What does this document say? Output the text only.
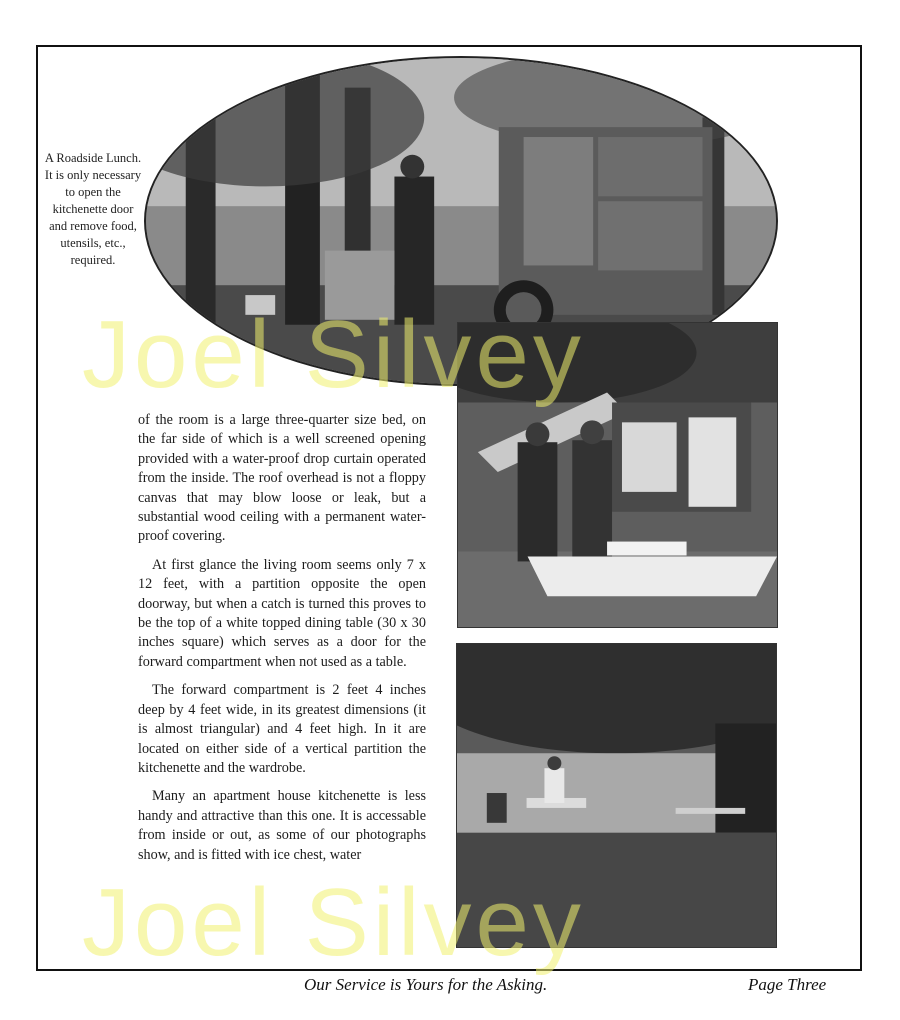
A Roadside Lunch.
It is only necessary to open the kitchenette door and remove food, utensils, etc., required.

of the room is a large three-quarter size bed, on the far side of which is a well screened opening provided with a water-proof drop curtain operated from the inside. The roof overhead is not a floppy canvas that may blow loose or leak, but a substantial wood ceiling with a permanent water-proof covering.

At first glance the living room seems only 7 x 12 feet, with a partition opposite the open doorway, but when a catch is turned this proves to be the top of a white topped dining table (30 x 30 inches square) which serves as a door for the forward compartment when not used as a table.

The forward compartment is 2 feet 4 inches deep by 4 feet wide, in its greatest dimensions (it is almost triangular) and 4 feet high. In it are located on either side of a vertical partition the kitchenette and the wardrobe.

Many an apartment house kitchenette is less handy and attractive than this one. It is accessable from inside or out, as some of our photographs show, and is fitted with ice chest, water

Joel Silvey
Joel Silvey
Our Service is Yours for the Asking.	Page Three
